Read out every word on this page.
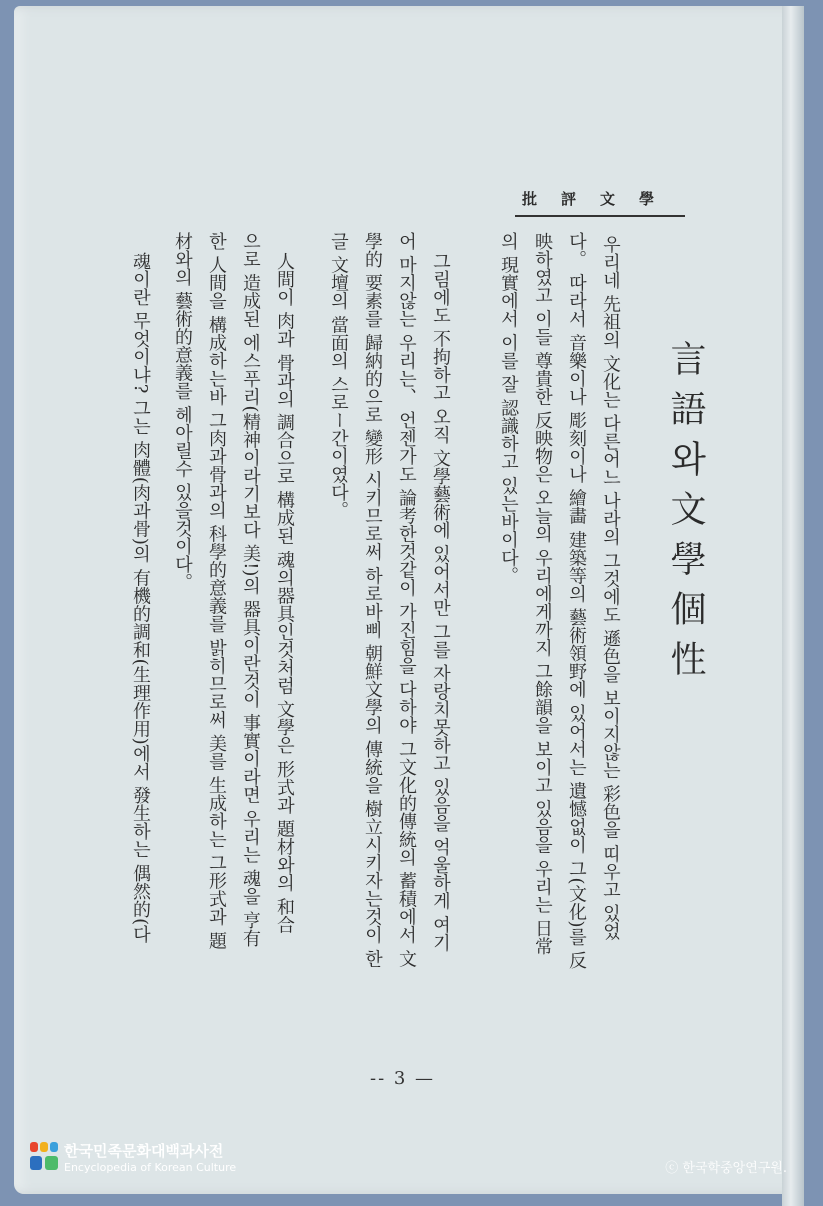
批評文學
言語와文學個性
우리네 先祖의 文化는 다른어느 나라의 그것에도 遜色을 보이지않는 彩色을 띠우고 있었
다。 따라서 音樂이나 彫刻이나 繪畵 建築等의 藝術領野에 있어서는 遺憾없이 그(文化)를 反
映하였고 이들 尊貴한 反映物은 오늘의 우리에게까지 그餘韻을 보이고 있음을 우리는 日常
의 現實에서 이를 잘 認識하고 있는바이다。
그림에도 不拘하고 오직 文學藝術에 있어서만 그를 자랑치못하고 있음을 억울하게 여기
어 마지않는 우리는、 언젠가도 論考한것같이 가진힘을 다하야 그文化的傳統의 蓄積에서 文
學的 要素를 歸納的으로 變形 시키므로써 하로바삐 朝鮮文學의 傳統을 樹立시키자는것이 한
글 文壇의 當面의 스로ー간이였다。
人間이 肉과 骨과의 調合으로 構成된 魂의器具인것처럼 文學은 形式과 題材와의 和合
으로 造成된 에스푸리(精神이라기보다 美!)의 器具이란것이 事實이라면 우리는 魂을 亨有
한 人間을 構成하는바 그肉과骨과의 科學的意義를 밝히므로써 美를 生成하는 그形式과 題
材와의 藝術的意義를 헤아릴수 있을것이다。
魂이란 무엇이냐? 그는 肉體(肉과骨)의 有機的調和(生理作用)에서 發生하는 偶然的(다
-- 3 —
한국민족문화대백과사전
Encyclopedia of Korean Culture	ⓒ 한국학중앙연구원.
